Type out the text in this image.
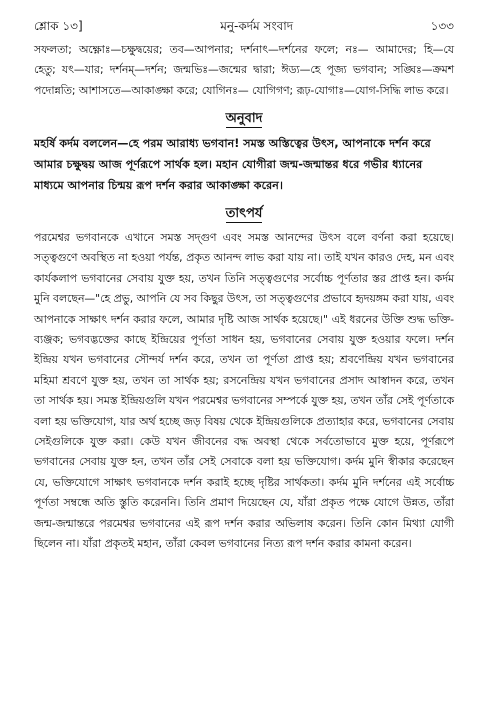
শ্লোক ১৩]	মনু-কর্দম সংবাদ	১৩৩

সফলতা; অক্ষ্ণোঃ—চক্ষুদ্বয়ের; তব—আপনার; দর্শনাৎ—দর্শনের ফলে; নঃ— আমাদের; হি—যে হেতু; যৎ—যার; দর্শনম্—দর্শন; জন্মভিঃ—জন্মের দ্বারা; ঈড্য—হে পূজ্য ভগবান; সঙ্ঘিঃ—ক্রমশ পদোন্নতি; আশাসতে—আকাঙ্ক্ষা করে; যোগিনঃ— যোগিগণ; রূঢ়-যোগাঃ—যোগ-সিদ্ধি লাভ করে।

অনুবাদ

মহর্ষি কর্দম বললেন—হে পরম আরাধ্য ভগবান! সমস্ত অস্তিত্বের উৎস, আপনাকে দর্শন করে আমার চক্ষুদ্বয় আজ পূর্ণরূপে সার্থক হল। মহান যোগীরা জন্ম-জন্মান্তর ধরে গভীর ধ্যানের মাধ্যমে আপনার চিন্ময় রূপ দর্শন করার আকাঙ্ক্ষা করেন।

তাৎপর্য

পরমেশ্বর ভগবানকে এখানে সমস্ত সদ্গুণ এবং সমস্ত আনন্দের উৎস বলে বর্ণনা করা হয়েছে। সত্ত্বগুণে অবস্থিত না হওয়া পর্যন্ত, প্রকৃত আনন্দ লাভ করা যায় না। তাই যখন কারও দেহ, মন এবং কার্যকলাপ ভগবানের সেবায় যুক্ত হয়, তখন তিনি সত্ত্বগুণের সর্বোচ্চ পূর্ণতার স্তর প্রাপ্ত হন। কর্দম মুনি বলছেন—"হে প্রভু, আপনি যে সব কিছুর উৎস, তা সত্ত্বগুণের প্রভাবে হৃদয়ঙ্গম করা যায়, এবং আপনাকে সাক্ষাৎ দর্শন করার ফলে, আমার দৃষ্টি আজ সার্থক হয়েছে।" এই ধরনের উক্তি শুদ্ধ ভক্তি-ব্যঞ্জক; ভগবদ্ভক্তের কাছে ইন্দ্রিয়ের পূর্ণতা সাধন হয়, ভগবানের সেবায় যুক্ত হওয়ার ফলে। দর্শন ইন্দ্রিয় যখন ভগবানের সৌন্দর্য দর্শন করে, তখন তা পূর্ণতা প্রাপ্ত হয়; শ্রবণেন্দ্রিয় যখন ভগবানের মহিমা শ্রবণে যুক্ত হয়, তখন তা সার্থক হয়; রসনেন্দ্রিয় যখন ভগবানের প্রসাদ আস্বাদন করে, তখন তা সার্থক হয়। সমস্ত ইন্দ্রিয়গুলি যখন পরমেশ্বর ভগবানের সম্পর্কে যুক্ত হয়, তখন তাঁর সেই পূর্ণতাকে বলা হয় ভক্তিযোগ, যার অর্থ হচ্ছে জড় বিষয় থেকে ইন্দ্রিয়গুলিকে প্রত্যাহার করে, ভগবানের সেবায় সেইগুলিকে যুক্ত করা। কেউ যখন জীবনের বদ্ধ অবস্থা থেকে সর্বতোভাবে মুক্ত হয়ে, পূর্ণরূপে ভগবানের সেবায় যুক্ত হন, তখন তাঁর সেই সেবাকে বলা হয় ভক্তিযোগ। কর্দম মুনি স্বীকার করেছেন যে, ভক্তিযোগে সাক্ষাৎ ভগবানকে দর্শন করাই হচ্ছে দৃষ্টির সার্থকতা। কর্দম মুনি দর্শনের এই সর্বোচ্চ পূর্ণতা সম্বন্ধে অতি স্তুতি করেননি। তিনি প্রমাণ দিয়েছেন যে, যাঁরা প্রকৃত পক্ষে যোগে উন্নত, তাঁরা জন্ম-জন্মান্তরে পরমেশ্বর ভগবানের এই রূপ দর্শন করার অভিলাষ করেন। তিনি কোন মিথ্যা যোগী ছিলেন না। যাঁরা প্রকৃতই মহান, তাঁরা কেবল ভগবানের নিত্য রূপ দর্শন করার কামনা করেন।
